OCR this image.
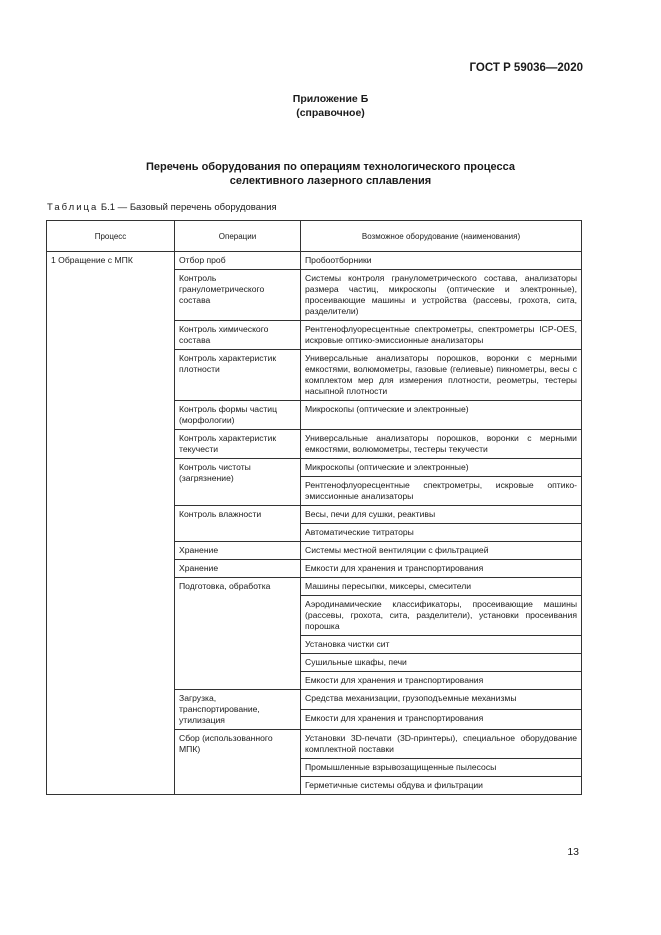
ГОСТ Р 59036—2020
Приложение Б
(справочное)
Перечень оборудования по операциям технологического процесса
селективного лазерного сплавления
Таблица Б.1 — Базовый перечень оборудования
Процесс	Операции	Возможное оборудование (наименования)
1 Обращение с МПК	Отбор проб	Пробоотборники
	Контроль гранулометрического состава	Системы контроля гранулометрического состава, анализаторы размера частиц, микроскопы (оптические и электронные), просеивающие машины и устройства (рассевы, грохота, сита, разделители)
	Контроль химического состава	Рентгенофлуоресцентные спектрометры, спектрометры ICP-OES, искровые оптико-эмиссионные анализаторы
	Контроль характеристик плотности	Универсальные анализаторы порошков, воронки с мерными емкостями, волюмометры, газовые (гелиевые) пикнометры, весы с комплектом мер для измерения плотности, реометры, тестеры насыпной плотности
	Контроль формы частиц (морфологии)	Микроскопы (оптические и электронные)
	Контроль характеристик текучести	Универсальные анализаторы порошков, воронки с мерными емкостями, волюмометры, тестеры текучести
	Контроль чистоты (загрязнение)	Микроскопы (оптические и электронные)
		Рентгенофлуоресцентные спектрометры, искровые оптико-эмиссионные анализаторы
	Контроль влажности	Весы, печи для сушки, реактивы
		Автоматические титраторы
	Хранение	Системы местной вентиляции с фильтрацией
	Хранение	Емкости для хранения и транспортирования
	Подготовка, обработка	Машины пересыпки, миксеры, смесители
		Аэродинамические классификаторы, просеивающие машины (рассевы, грохота, сита, разделители), установки просеивания порошка
		Установка чистки сит
		Сушильные шкафы, печи
		Емкости для хранения и транспортирования
	Загрузка, транспортирование, утилизация	Средства механизации, грузоподъемные механизмы
		Емкости для хранения и транспортирования
	Сбор (использованного МПК)	Установки 3D-печати (3D-принтеры), специальное оборудование комплектной поставки
		Промышленные взрывозащищенные пылесосы
		Герметичные системы обдува и фильтрации
13
